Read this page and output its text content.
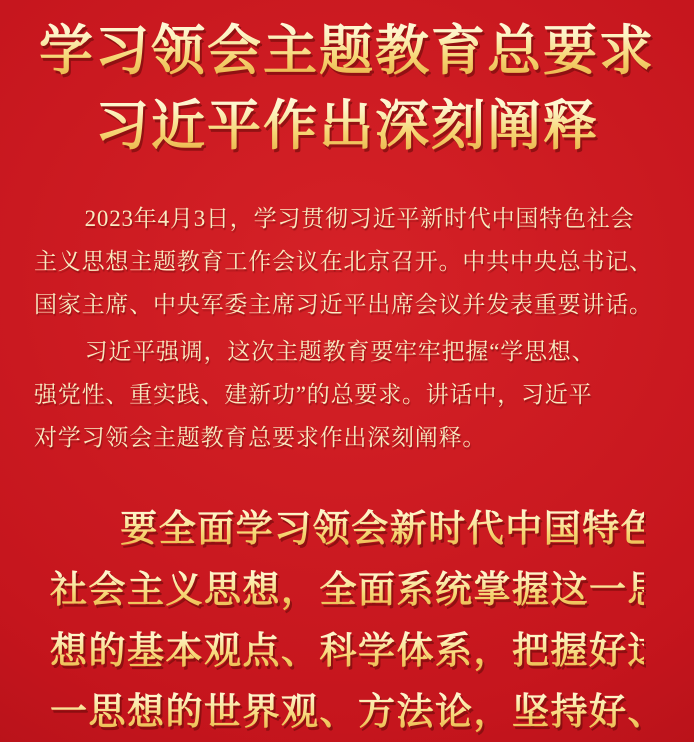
学习领会主题教育总要求
习近平作出深刻阐释
2023年4月3日，学习贯彻习近平新时代中国特色社会
主义思想主题教育工作会议在北京召开。中共中央总书记、
国家主席、中央军委主席习近平出席会议并发表重要讲话。
习近平强调，这次主题教育要牢牢把握“学思想、
强党性、重实践、建新功”的总要求。讲话中，习近平
对学习领会主题教育总要求作出深刻阐释。
要全面学习领会新时代中国特色
社会主义思想，全面系统掌握这一思
想的基本观点、科学体系，把握好这
一思想的世界观、方法论，坚持好、
